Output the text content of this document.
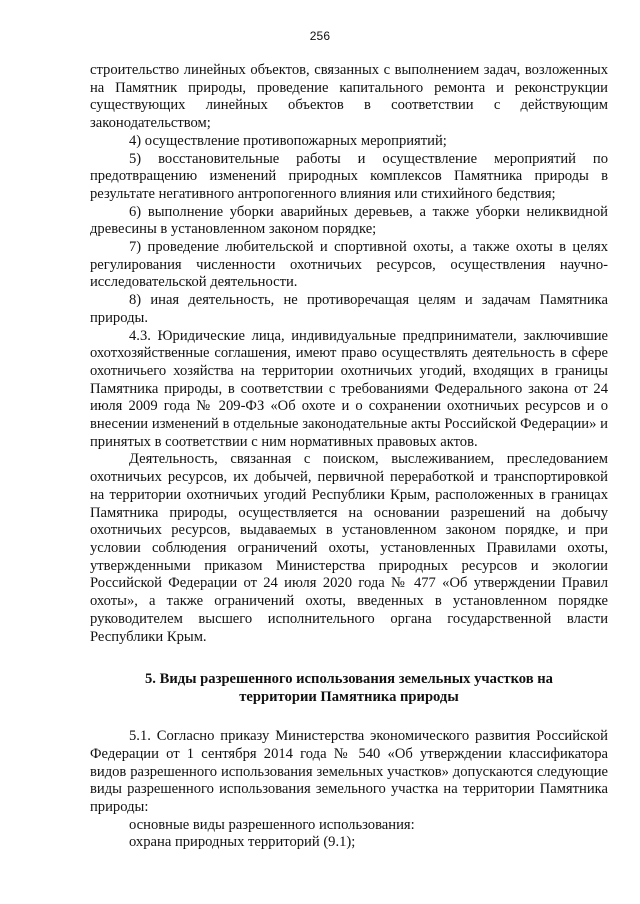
256

строительство линейных объектов, связанных с выполнением задач, возложенных на Памятник природы, проведение капитального ремонта и реконструкции существующих линейных объектов в соответствии с действующим законодательством;

4) осуществление противопожарных мероприятий;

5) восстановительные работы и осуществление мероприятий по предотвращению изменений природных комплексов Памятника природы в результате негативного антропогенного влияния или стихийного бедствия;

6) выполнение уборки аварийных деревьев, а также уборки неликвидной древесины в установленном законом порядке;

7) проведение любительской и спортивной охоты, а также охоты в целях регулирования численности охотничьих ресурсов, осуществления научно-исследовательской деятельности.

8) иная деятельность, не противоречащая целям и задачам Памятника природы.

4.3. Юридические лица, индивидуальные предприниматели, заключившие охотхозяйственные соглашения, имеют право осуществлять деятельность в сфере охотничьего хозяйства на территории охотничьих угодий, входящих в границы Памятника природы, в соответствии с требованиями Федерального закона от 24 июля 2009 года № 209-ФЗ «Об охоте и о сохранении охотничьих ресурсов и о внесении изменений в отдельные законодательные акты Российской Федерации» и принятых в соответствии с ним нормативных правовых актов.

Деятельность, связанная с поиском, выслеживанием, преследованием охотничьих ресурсов, их добычей, первичной переработкой и транспортировкой на территории охотничьих угодий Республики Крым, расположенных в границах Памятника природы, осуществляется на основании разрешений на добычу охотничьих ресурсов, выдаваемых в установленном законом порядке, и при условии соблюдения ограничений охоты, установленных Правилами охоты, утвержденными приказом Министерства природных ресурсов и экологии Российской Федерации от 24 июля 2020 года № 477 «Об утверждении Правил охоты», а также ограничений охоты, введенных в установленном порядке руководителем высшего исполнительного органа государственной власти Республики Крым.

5. Виды разрешенного использования земельных участков на территории Памятника природы

5.1. Согласно приказу Министерства экономического развития Российской Федерации от 1 сентября 2014 года № 540 «Об утверждении классификатора видов разрешенного использования земельных участков» допускаются следующие виды разрешенного использования земельного участка на территории Памятника природы:

основные виды разрешенного использования:

охрана природных территорий (9.1);
